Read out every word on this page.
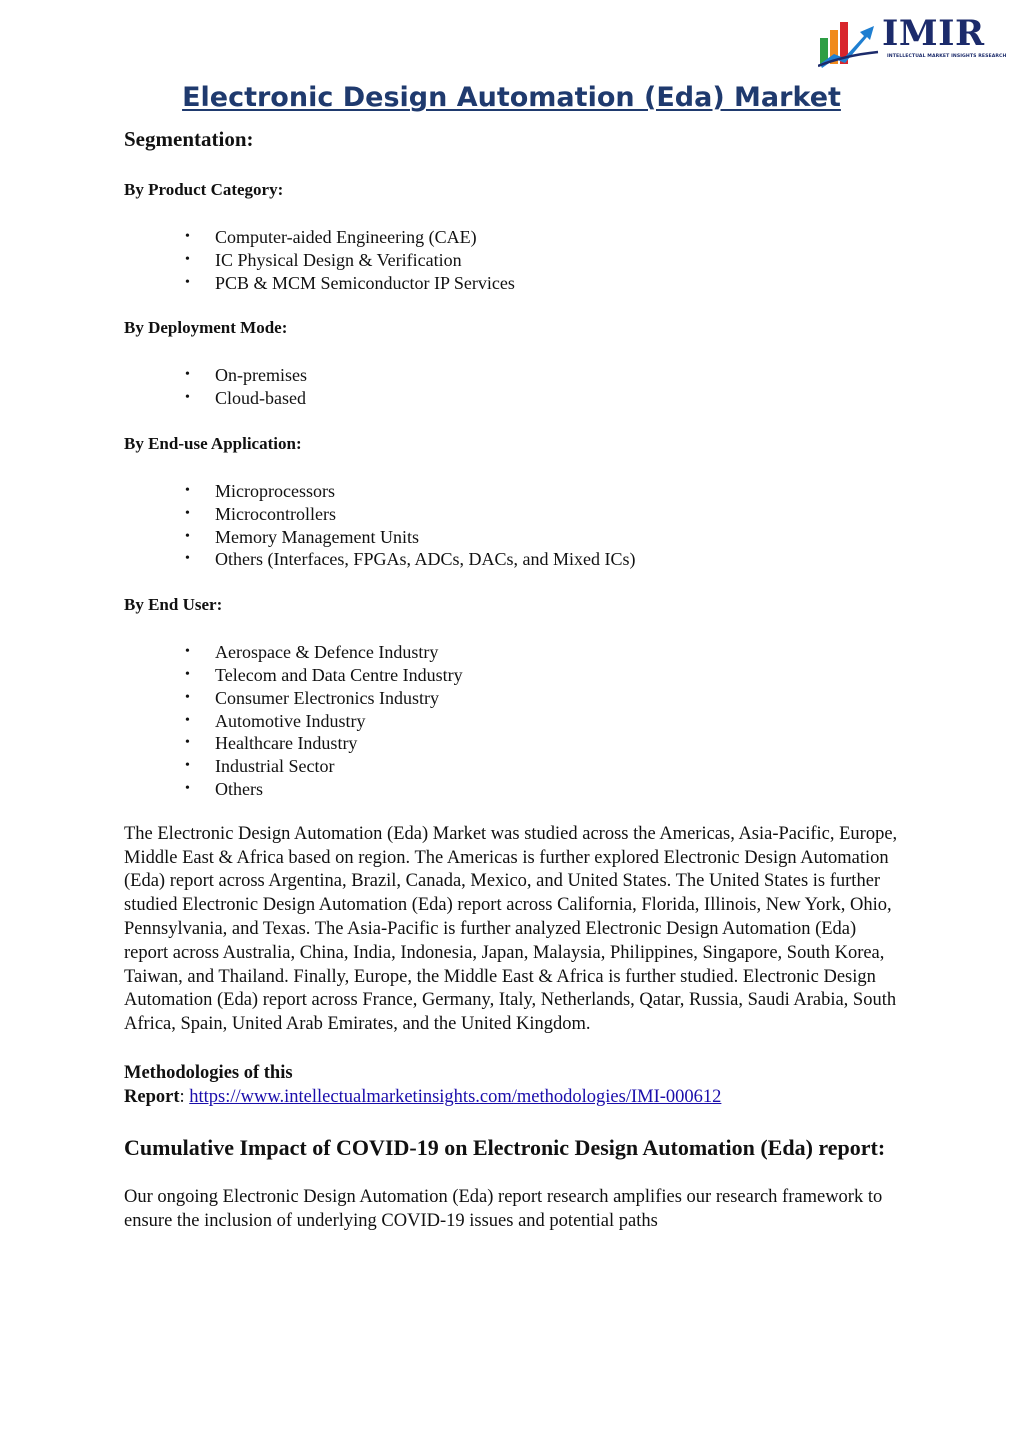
IMIR
INTELLECTUAL MARKET INSIGHTS RESEARCH
Electronic Design Automation (Eda) Market

Segmentation:

By Product Category:

• Computer-aided Engineering (CAE)
• IC Physical Design & Verification
• PCB & MCM Semiconductor IP Services

By Deployment Mode:

• On-premises
• Cloud-based

By End-use Application:

• Microprocessors
• Microcontrollers
• Memory Management Units
• Others (Interfaces, FPGAs, ADCs, DACs, and Mixed ICs)

By End User:

• Aerospace & Defence Industry
• Telecom and Data Centre Industry
• Consumer Electronics Industry
• Automotive Industry
• Healthcare Industry
• Industrial Sector
• Others

The Electronic Design Automation (Eda) Market was studied across the Americas, Asia-Pacific, Europe, Middle East & Africa based on region. The Americas is further explored Electronic Design Automation (Eda) report across Argentina, Brazil, Canada, Mexico, and United States. The United States is further studied Electronic Design Automation (Eda) report across California, Florida, Illinois, New York, Ohio, Pennsylvania, and Texas. The Asia-Pacific is further analyzed Electronic Design Automation (Eda) report across Australia, China, India, Indonesia, Japan, Malaysia, Philippines, Singapore, South Korea, Taiwan, and Thailand. Finally, Europe, the Middle East & Africa is further studied. Electronic Design Automation (Eda) report across France, Germany, Italy, Netherlands, Qatar, Russia, Saudi Arabia, South Africa, Spain, United Arab Emirates, and the United Kingdom.

Methodologies of this
Report: https://www.intellectualmarketinsights.com/methodologies/IMI-000612

Cumulative Impact of COVID-19 on Electronic Design Automation (Eda) report:

Our ongoing Electronic Design Automation (Eda) report research amplifies our research framework to ensure the inclusion of underlying COVID-19 issues and potential paths
